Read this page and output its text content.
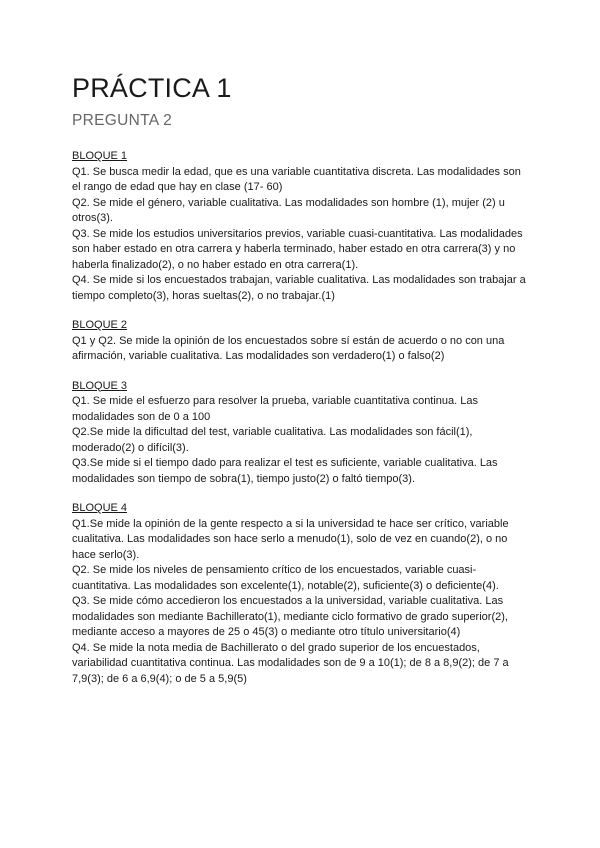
PRÁCTICA 1
PREGUNTA 2

BLOQUE 1

Q1. Se busca medir la edad, que es una variable cuantitativa discreta. Las modalidades son el rango de edad que hay en clase (17- 60)

Q2. Se mide el género, variable cualitativa. Las modalidades son hombre (1), mujer (2) u otros(3).

Q3. Se mide los estudios universitarios previos, variable cuasi-cuantitativa. Las modalidades son haber estado en otra carrera y haberla terminado, haber estado en otra carrera(3) y no haberla finalizado(2), o no haber estado en otra carrera(1).

Q4. Se mide si los encuestados trabajan, variable cualitativa. Las modalidades son trabajar a tiempo completo(3), horas sueltas(2), o no trabajar.(1)

BLOQUE 2

Q1 y Q2. Se mide la opinión de los encuestados sobre sí están de acuerdo o no con una afirmación, variable cualitativa. Las modalidades son verdadero(1) o falso(2)

BLOQUE 3

Q1. Se mide el esfuerzo para resolver la prueba, variable cuantitativa continua. Las modalidades son de 0 a 100

Q2.Se mide la dificultad del test, variable cualitativa. Las modalidades son fácil(1), moderado(2) o difícil(3).

Q3.Se mide si el tiempo dado para realizar el test es suficiente, variable cualitativa. Las modalidades son tiempo de sobra(1), tiempo justo(2) o faltó tiempo(3).

BLOQUE 4

Q1.Se mide la opinión de la gente respecto a si la universidad te hace ser crítico, variable cualitativa. Las modalidades son hace serlo a menudo(1), solo de vez en cuando(2), o no hace serlo(3).

Q2. Se mide los niveles de pensamiento crítico de los encuestados, variable cuasi-cuantitativa. Las modalidades son excelente(1), notable(2), suficiente(3) o deficiente(4).

Q3. Se mide cómo accedieron los encuestados a la universidad, variable cualitativa. Las modalidades son mediante Bachillerato(1), mediante ciclo formativo de grado superior(2), mediante acceso a mayores de 25 o 45(3) o mediante otro título universitario(4)

Q4. Se mide la nota media de Bachillerato o del grado superior de los encuestados, variabilidad cuantitativa continua. Las modalidades son de 9 a 10(1); de 8 a 8,9(2); de 7 a 7,9(3); de 6 a 6,9(4); o de 5 a 5,9(5)
